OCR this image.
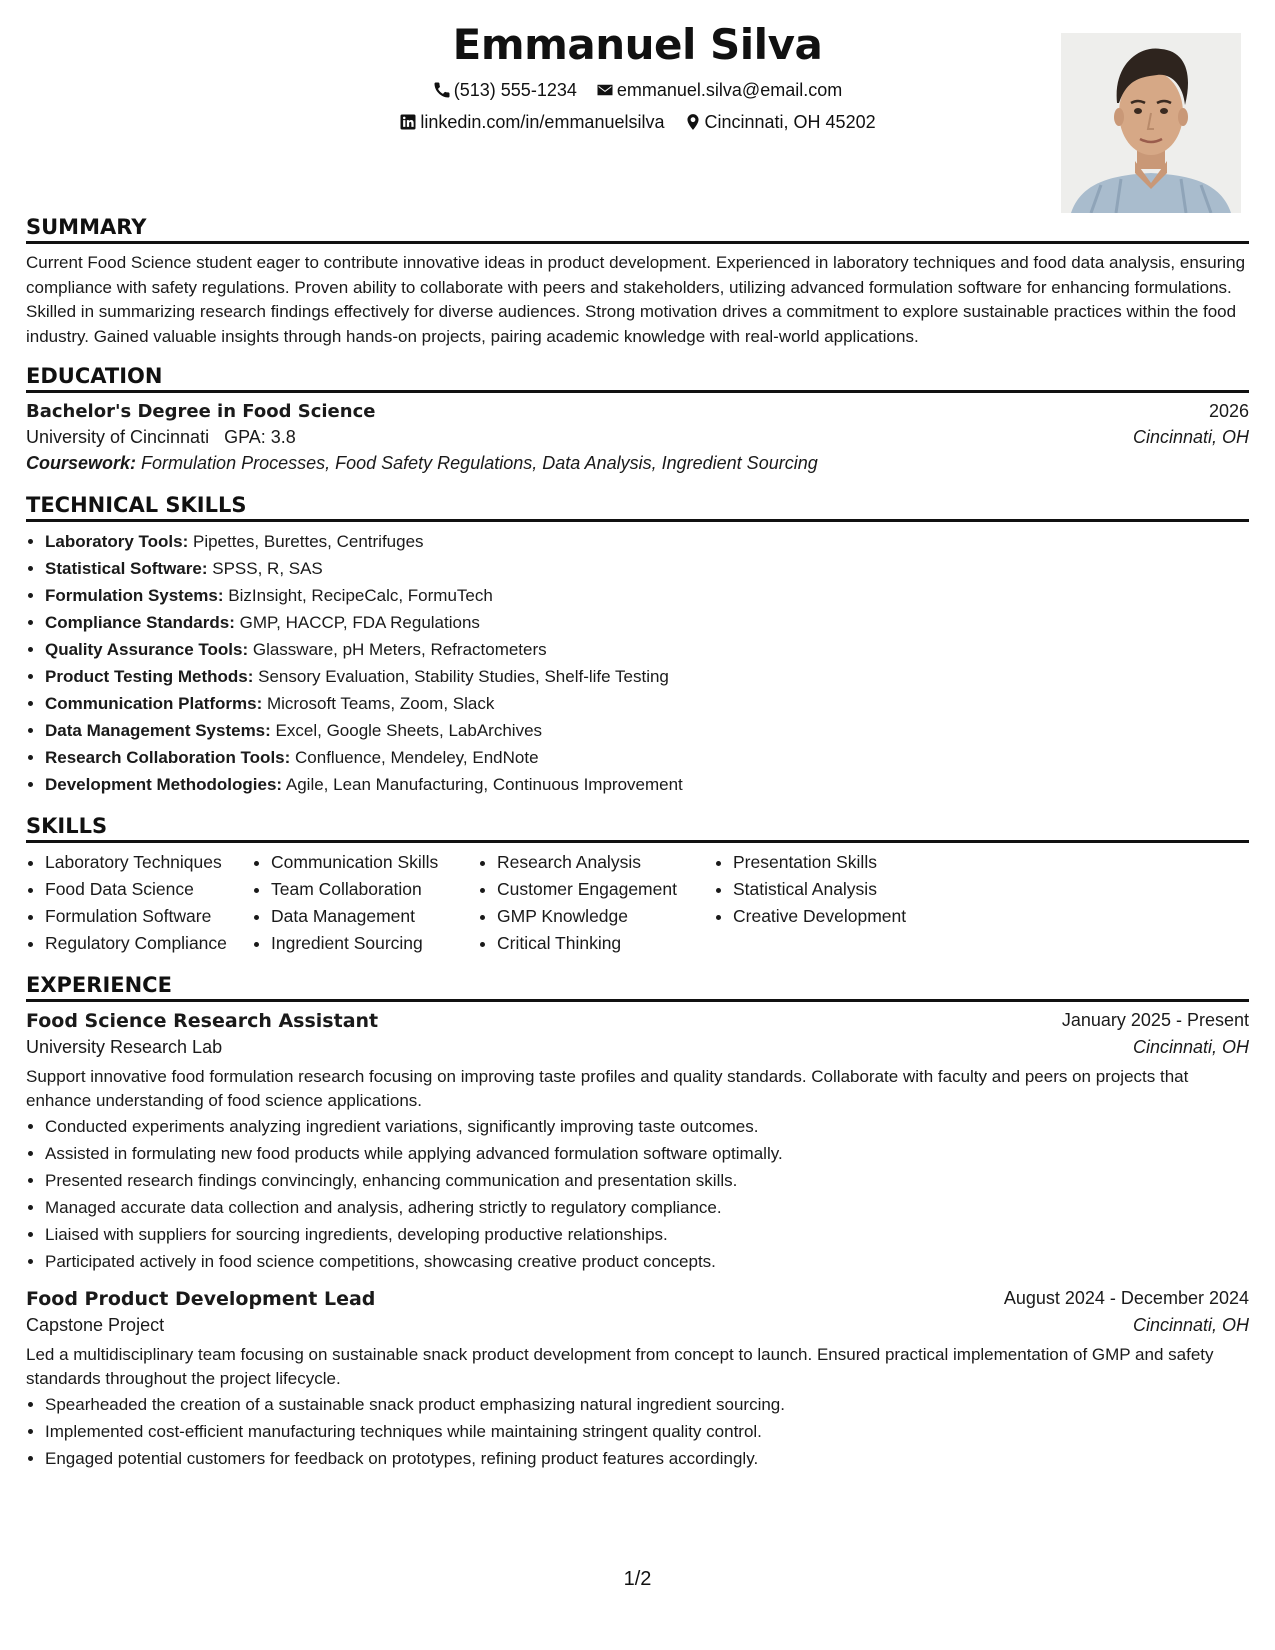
Emmanuel Silva
(513) 555-1234 emmanuel.silva@email.com
linkedin.com/in/emmanuelsilva Cincinnati, OH 45202
SUMMARY

Current Food Science student eager to contribute innovative ideas in product development. Experienced in laboratory techniques and food data analysis, ensuring compliance with safety regulations. Proven ability to collaborate with peers and stakeholders, utilizing advanced formulation software for enhancing formulations. Skilled in summarizing research findings effectively for diverse audiences. Strong motivation drives a commitment to explore sustainable practices within the food industry. Gained valuable insights through hands-on projects, pairing academic knowledge with real-world applications.

EDUCATION
Bachelor's Degree in Food Science	2026
University of Cincinnati GPA: 3.8	Cincinnati, OH
Coursework: Formulation Processes, Food Safety Regulations, Data Analysis, Ingredient Sourcing
TECHNICAL SKILLS
• Laboratory Tools: Pipettes, Burettes, Centrifuges
• Statistical Software: SPSS, R, SAS
• Formulation Systems: BizInsight, RecipeCalc, FormuTech
• Compliance Standards: GMP, HACCP, FDA Regulations
• Quality Assurance Tools: Glassware, pH Meters, Refractometers
• Product Testing Methods: Sensory Evaluation, Stability Studies, Shelf-life Testing
• Communication Platforms: Microsoft Teams, Zoom, Slack
• Data Management Systems: Excel, Google Sheets, LabArchives
• Research Collaboration Tools: Confluence, Mendeley, EndNote
• Development Methodologies: Agile, Lean Manufacturing, Continuous Improvement
SKILLS
• Laboratory Techniques
• Food Data Science
• Formulation Software
• Regulatory Compliance
• Communication Skills
• Team Collaboration
• Data Management
• Ingredient Sourcing
• Research Analysis
• Customer Engagement
• GMP Knowledge
• Critical Thinking
• Presentation Skills
• Statistical Analysis
• Creative Development
EXPERIENCE
Food Science Research Assistant	January 2025 - Present
University Research Lab	Cincinnati, OH

Support innovative food formulation research focusing on improving taste profiles and quality standards. Collaborate with faculty and peers on projects that enhance understanding of food science applications.

• Conducted experiments analyzing ingredient variations, significantly improving taste outcomes.
• Assisted in formulating new food products while applying advanced formulation software optimally.
• Presented research findings convincingly, enhancing communication and presentation skills.
• Managed accurate data collection and analysis, adhering strictly to regulatory compliance.
• Liaised with suppliers for sourcing ingredients, developing productive relationships.
• Participated actively in food science competitions, showcasing creative product concepts.
Food Product Development Lead	August 2024 - December 2024
Capstone Project	Cincinnati, OH

Led a multidisciplinary team focusing on sustainable snack product development from concept to launch. Ensured practical implementation of GMP and safety standards throughout the project lifecycle.

• Spearheaded the creation of a sustainable snack product emphasizing natural ingredient sourcing.
• Implemented cost-efficient manufacturing techniques while maintaining stringent quality control.
• Engaged potential customers for feedback on prototypes, refining product features accordingly.
1/2
